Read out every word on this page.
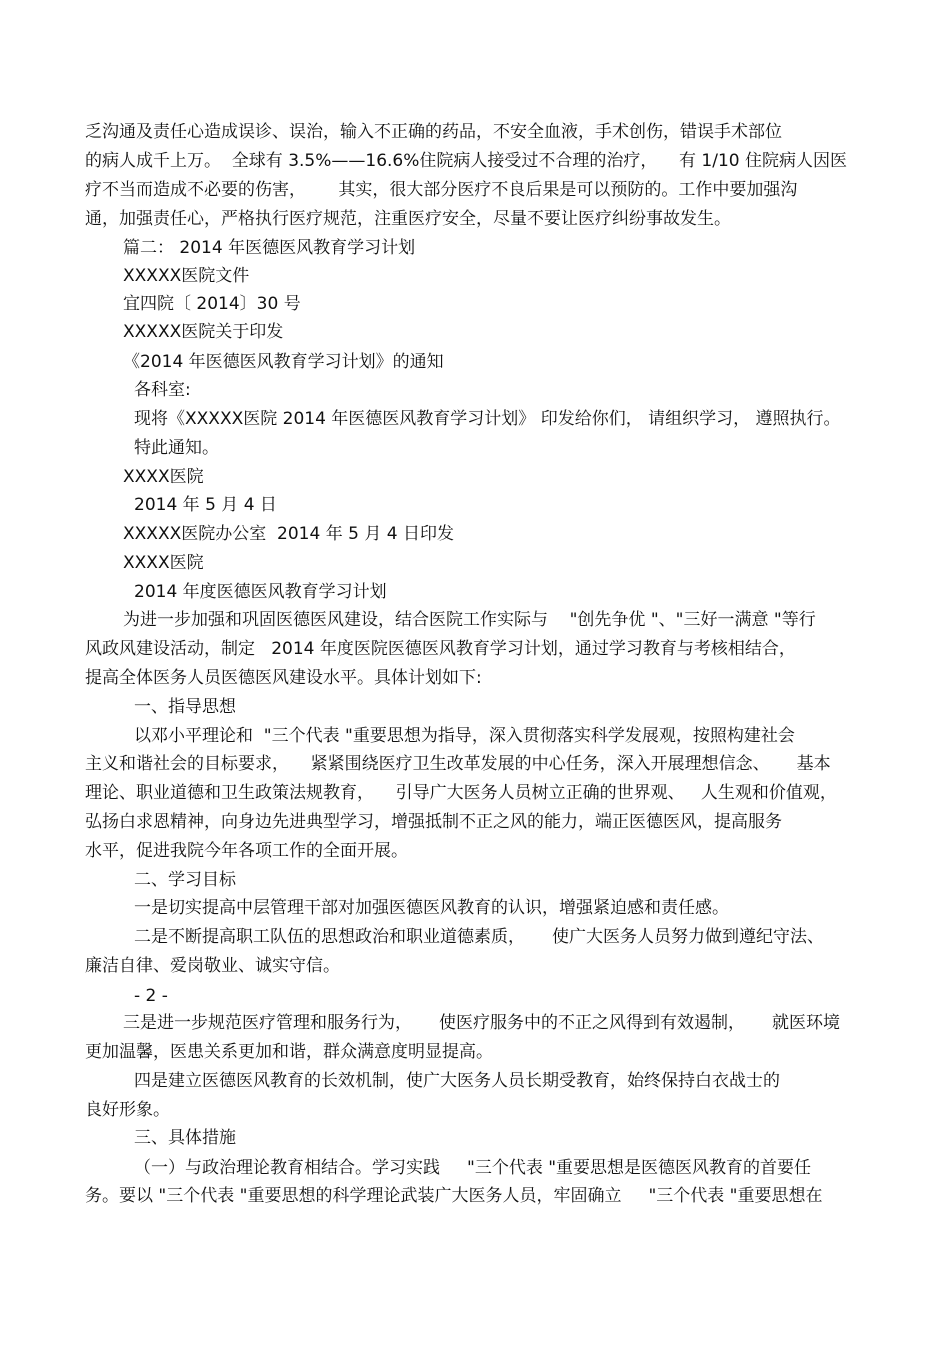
乏沟通及责任心造成误诊、误治，输入不正确的药品，不安全血液，手术创伤，错误手术部位
的病人成千上万。  全球有 3.5%——16.6%住院病人接受过不合理的治疗，    有 1/10 住院病人因医
疗不当而造成不必要的伤害，      其实，很大部分医疗不良后果是可以预防的。工作中要加强沟
通，加强责任心，严格执行医疗规范，注重医疗安全，尽量不要让医疗纠纷事故发生。
篇二： 2014 年医德医风教育学习计划
XXXXX医院文件
宜四院〔 2014〕30 号
XXXXX医院关于印发
《2014 年医德医风教育学习计划》的通知
各科室:
现将《XXXXX医院 2014 年医德医风教育学习计划》 印发给你们， 请组织学习， 遵照执行。
特此通知。
XXXX医院
2014 年 5 月 4 日
XXXXX医院办公室  2014 年 5 月 4 日印发
XXXX医院
2014 年度医德医风教育学习计划
为进一步加强和巩固医德医风建设，结合医院工作实际与    "创先争优 "、"三好一满意 "等行
风政风建设活动，制定   2014 年度医院医德医风教育学习计划，通过学习教育与考核相结合，
提高全体医务人员医德医风建设水平。具体计划如下:
一、指导思想
以邓小平理论和  "三个代表 "重要思想为指导，深入贯彻落实科学发展观，按照构建社会
主义和谐社会的目标要求，    紧紧围绕医疗卫生改革发展的中心任务，深入开展理想信念、     基本
理论、职业道德和卫生政策法规教育，    引导广大医务人员树立正确的世界观、   人生观和价值观，
弘扬白求恩精神，向身边先进典型学习，增强抵制不正之风的能力，端正医德医风，提高服务
水平，促进我院今年各项工作的全面开展。
二、学习目标
一是切实提高中层管理干部对加强医德医风教育的认识，增强紧迫感和责任感。
二是不断提高职工队伍的思想政治和职业道德素质，     使广大医务人员努力做到遵纪守法、
廉洁自律、爱岗敬业、诚实守信。
- 2 -
三是进一步规范医疗管理和服务行为，     使医疗服务中的不正之风得到有效遏制，     就医环境
更加温馨，医患关系更加和谐，群众满意度明显提高。
四是建立医德医风教育的长效机制，使广大医务人员长期受教育，始终保持白衣战士的
良好形象。
三、具体措施
（一）与政治理论教育相结合。学习实践     "三个代表 "重要思想是医德医风教育的首要任
务。要以 "三个代表 "重要思想的科学理论武装广大医务人员，牢固确立     "三个代表 "重要思想在
